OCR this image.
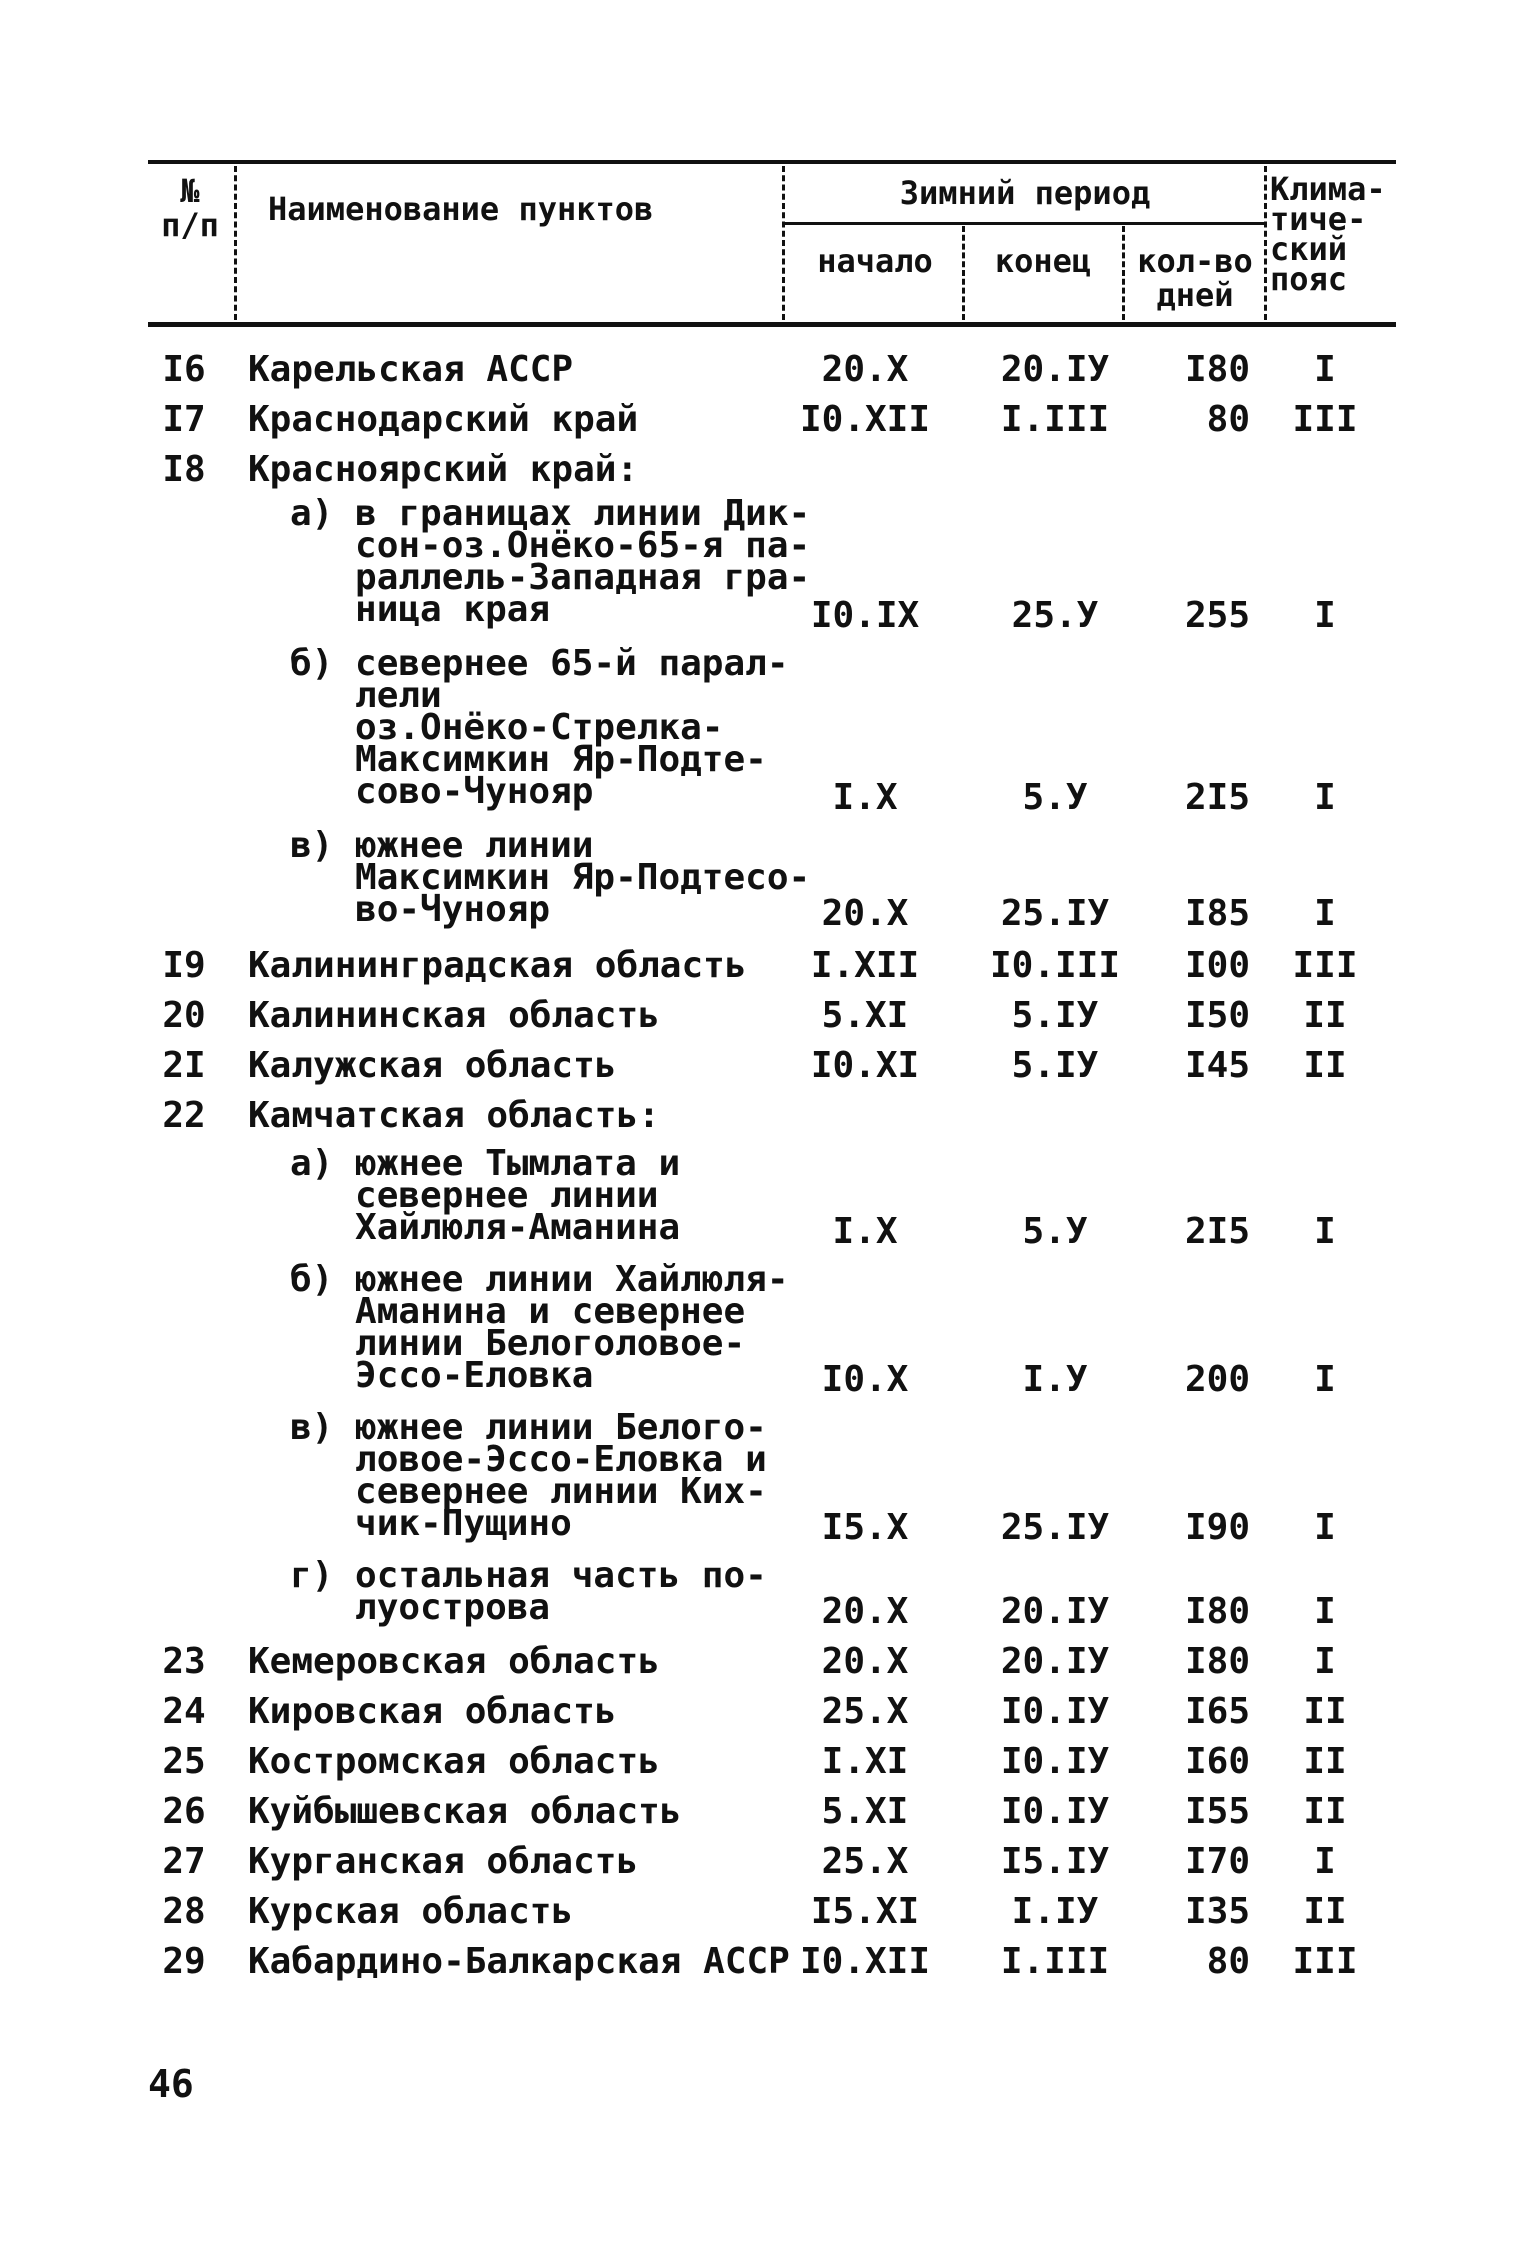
№
п/п	Наименование пунктов	Зимний период
начало	конец	кол-во
дней
Клима-
тиче-
ский
пояс
I6	Карельская АССР	20.X	20.IУ	I80	I
I7	Краснодарский край	I0.XII	I.III	80	III
I8	Красноярский край:
а) в границах линии Дик-
сон-оз.Онёко-65-я па-
раллель-Западная гра-
ница края	I0.IX	25.У	255	I
б) севернее 65-й парал-
лели
оз.Онёко-Стрелка-
Максимкин Яр-Подте-
сово-Чунояр	I.X	5.У	2I5	I
в) южнее линии
Максимкин Яр-Подтесо-
во-Чунояр	20.X	25.IУ	I85	I
I9	Калининградская область	I.XII	I0.III	I00	III
20	Калининская область	5.XI	5.IУ	I50	II
2I	Калужская область	I0.XI	5.IУ	I45	II
22	Камчатская область:
а) южнее Тымлата и
севернее линии
Хайлюля-Аманина	I.X	5.У	2I5	I
б) южнее линии Хайлюля-
Аманина и севернее
линии Белоголовое-
Эссо-Еловка	I0.X	I.У	200	I
в) южнее линии Белого-
ловое-Эссо-Еловка и
севернее линии Ких-
чик-Пущино	I5.X	25.IУ	I90	I
г) остальная часть по-
луострова	20.X	20.IУ	I80	I
23	Кемеровская область	20.X	20.IУ	I80	I
24	Кировская область	25.X	I0.IУ	I65	II
25	Костромская область	I.XI	I0.IУ	I60	II
26	Куйбышевская область	5.XI	I0.IУ	I55	II
27	Курганская область	25.X	I5.IУ	I70	I
28	Курская область	I5.XI	I.IУ	I35	II
29	Кабардино-Балкарская АССР I0.XII	I.III	80	III
46
